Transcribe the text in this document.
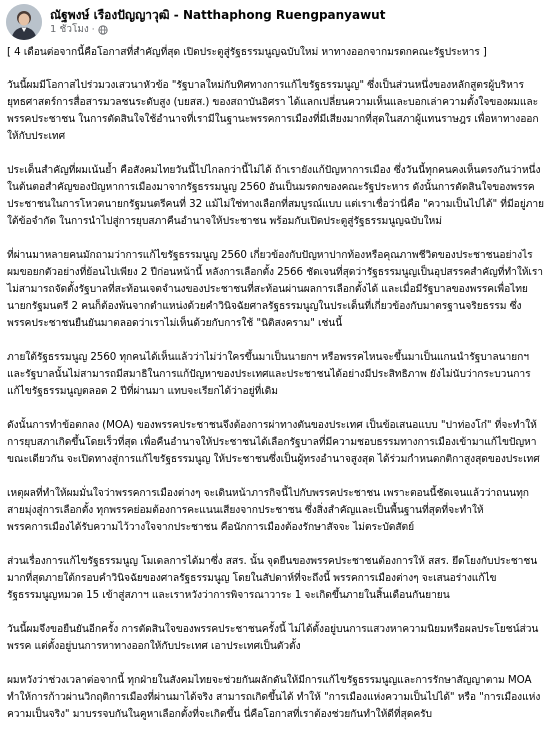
ณัฐพงษ์ เรืองปัญญาวุฒิ - Natthaphong Ruengpanyawut
1 ชั่วโมง ·

[ 4 เดือนต่อจากนี้คือโอกาสที่สำคัญที่สุด เปิดประตูสู่รัฐธรรมนูญฉบับใหม่ หาทางออกจากมรดกคณะรัฐประหาร ]

วันนี้ผมมีโอกาสไปร่วมวงเสวนาหัวข้อ "รัฐบาลใหม่กับทิศทางการแก้ไขรัฐธรรมนูญ" ซึ่งเป็นส่วนหนึ่งของหลักสูตรผู้บริหารยุทธศาสตร์การสื่อสารมวลชนระดับสูง (บยสส.) ของสถาบันอิศรา ได้แลกเปลี่ยนความเห็นและบอกเล่าความตั้งใจของผมและพรรคประชาชน ในการตัดสินใจใช้อำนาจที่เรามีในฐานะพรรคการเมืองที่มีเสียงมากที่สุดในสภาผู้แทนราษฎร เพื่อหาทางออกให้กับประเทศ

ประเด็นสำคัญที่ผมเน้นย้ำ คือสังคมไทยวันนี้ไปไกลกว่านี้ไม่ได้ ถ้าเรายังแก้ปัญหาการเมือง ซึ่งวันนี้ทุกคนคงเห็นตรงกันว่าหนึ่งในต้นตอสำคัญของปัญหาการเมืองมาจากรัฐธรรมนูญ 2560 อันเป็นมรดกของคณะรัฐประหาร ดังนั้นการตัดสินใจของพรรคประชาชนในการโหวตนายกรัฐมนตรีคนที่ 32 แม้ไม่ใช่ทางเลือกที่สมบูรณ์แบบ แต่เราเชื่อว่านี่คือ "ความเป็นไปได้" ที่มีอยู่ภายใต้ข้อจำกัด ในการนำไปสู่การยุบสภาคืนอำนาจให้ประชาชน พร้อมกับเปิดประตูสู่รัฐธรรมนูญฉบับใหม่

ที่ผ่านมาหลายคนมักถามว่าการแก้ไขรัฐธรรมนูญ 2560 เกี่ยวข้องกับปัญหาปากท้องหรือคุณภาพชีวิตของประชาชนอย่างไร ผมขอยกตัวอย่างที่ย้อนไปเพียง 2 ปีก่อนหน้านี้ หลังการเลือกตั้ง 2566 ชัดเจนที่สุดว่ารัฐธรรมนูญเป็นอุปสรรคสำคัญที่ทำให้เราไม่สามารถจัดตั้งรัฐบาลที่สะท้อนเจตจำนงของประชาชนที่สะท้อนผ่านผลการเลือกตั้งได้ และเมื่อมีรัฐบาลของพรรคเพื่อไทย นายกรัฐมนตรี 2 คนก็ต้องพ้นจากตำแหน่งด้วยคำวินิจฉัยศาลรัฐธรรมนูญในประเด็นที่เกี่ยวข้องกับมาตรฐานจริยธรรม ซึ่งพรรคประชาชนยืนยันมาตลอดว่าเราไม่เห็นด้วยกับการใช้ "นิติสงคราม" เช่นนี้

ภายใต้รัฐธรรมนูญ 2560 ทุกคนได้เห็นแล้วว่าไม่ว่าใครขึ้นมาเป็นนายกฯ หรือพรรคไหนจะขึ้นมาเป็นแกนนำรัฐบาลนายกฯ และรัฐบาลนั้นไม่สามารถมีสมาธิในการแก้ปัญหาของประเทศและประชาชนได้อย่างมีประสิทธิภาพ ยังไม่นับว่ากระบวนการแก้ไขรัฐธรรมนูญตลอด 2 ปีที่ผ่านมา แทบจะเรียกได้ว่าอยู่ที่เดิม

ดังนั้นการทำข้อตกลง (MOA) ของพรรคประชาชนจึงต้องการผ่าทางตันของประเทศ เป็นข้อเสนอแบบ "ปาท่องโก๋" ที่จะทำให้การยุบสภาเกิดขึ้นโดยเร็วที่สุด เพื่อคืนอำนาจให้ประชาชนได้เลือกรัฐบาลที่มีความชอบธรรมทางการเมืองเข้ามาแก้ไขปัญหา ขณะเดียวกัน จะเปิดทางสู่การแก้ไขรัฐธรรมนูญ ให้ประชาชนซึ่งเป็นผู้ทรงอำนาจสูงสุด ได้ร่วมกำหนดกติกาสูงสุดของประเทศ

เหตุผลที่ทำให้ผมมั่นใจว่าพรรคการเมืองต่างๆ จะเดินหน้าภารกิจนี้ไปกับพรรคประชาชน เพราะตอนนี้ชัดเจนแล้วว่าถนนทุกสายมุ่งสู่การเลือกตั้ง ทุกพรรคย่อมต้องการคะแนนเสียงจากประชาชน ซึ่งสิ่งสำคัญและเป็นพื้นฐานที่สุดที่จะทำให้พรรคการเมืองได้รับความไว้วางใจจากประชาชน คือนักการเมืองต้องรักษาสัจจะ ไม่ตระบัดสัตย์

ส่วนเรื่องการแก้ไขรัฐธรรมนูญ โมเดลการได้มาซึ่ง สสร. นั้น จุดยืนของพรรคประชาชนต้องการให้ สสร. ยึดโยงกับประชาชนมากที่สุดภายใต้กรอบคำวินิจฉัยของศาลรัฐธรรมนูญ โดยในสัปดาห์ที่จะถึงนี้ พรรคการเมืองต่างๆ จะเสนอร่างแก้ไขรัฐธรรมนูญหมวด 15 เข้าสู่สภาฯ และเราหวังว่าการพิจารณาวาระ 1 จะเกิดขึ้นภายในสิ้นเดือนกันยายน

วันนี้ผมจึงขอยืนยันอีกครั้ง การตัดสินใจของพรรคประชาชนครั้งนี้ ไม่ได้ตั้งอยู่บนการแสวงหาความนิยมหรือผลประโยชน์ส่วนพรรค แต่ตั้งอยู่บนการหาทางออกให้กับประเทศ เอาประเทศเป็นตัวตั้ง

ผมหวังว่าช่วงเวลาต่อจากนี้ ทุกฝ่ายในสังคมไทยจะช่วยกันผลักดันให้มีการแก้ไขรัฐธรรมนูญและการรักษาสัญญาตาม MOA ทำให้การก้าวผ่านวิกฤติการเมืองที่ผ่านมาได้จริง สามารถเกิดขึ้นได้ ทำให้ "การเมืองแห่งความเป็นไปได้" หรือ "การเมืองแห่งความเป็นจริง" มาบรรจบกันในคูหาเลือกตั้งที่จะเกิดขึ้น นี่คือโอกาสที่เราต้องช่วยกันทำให้ดีที่สุดครับ
